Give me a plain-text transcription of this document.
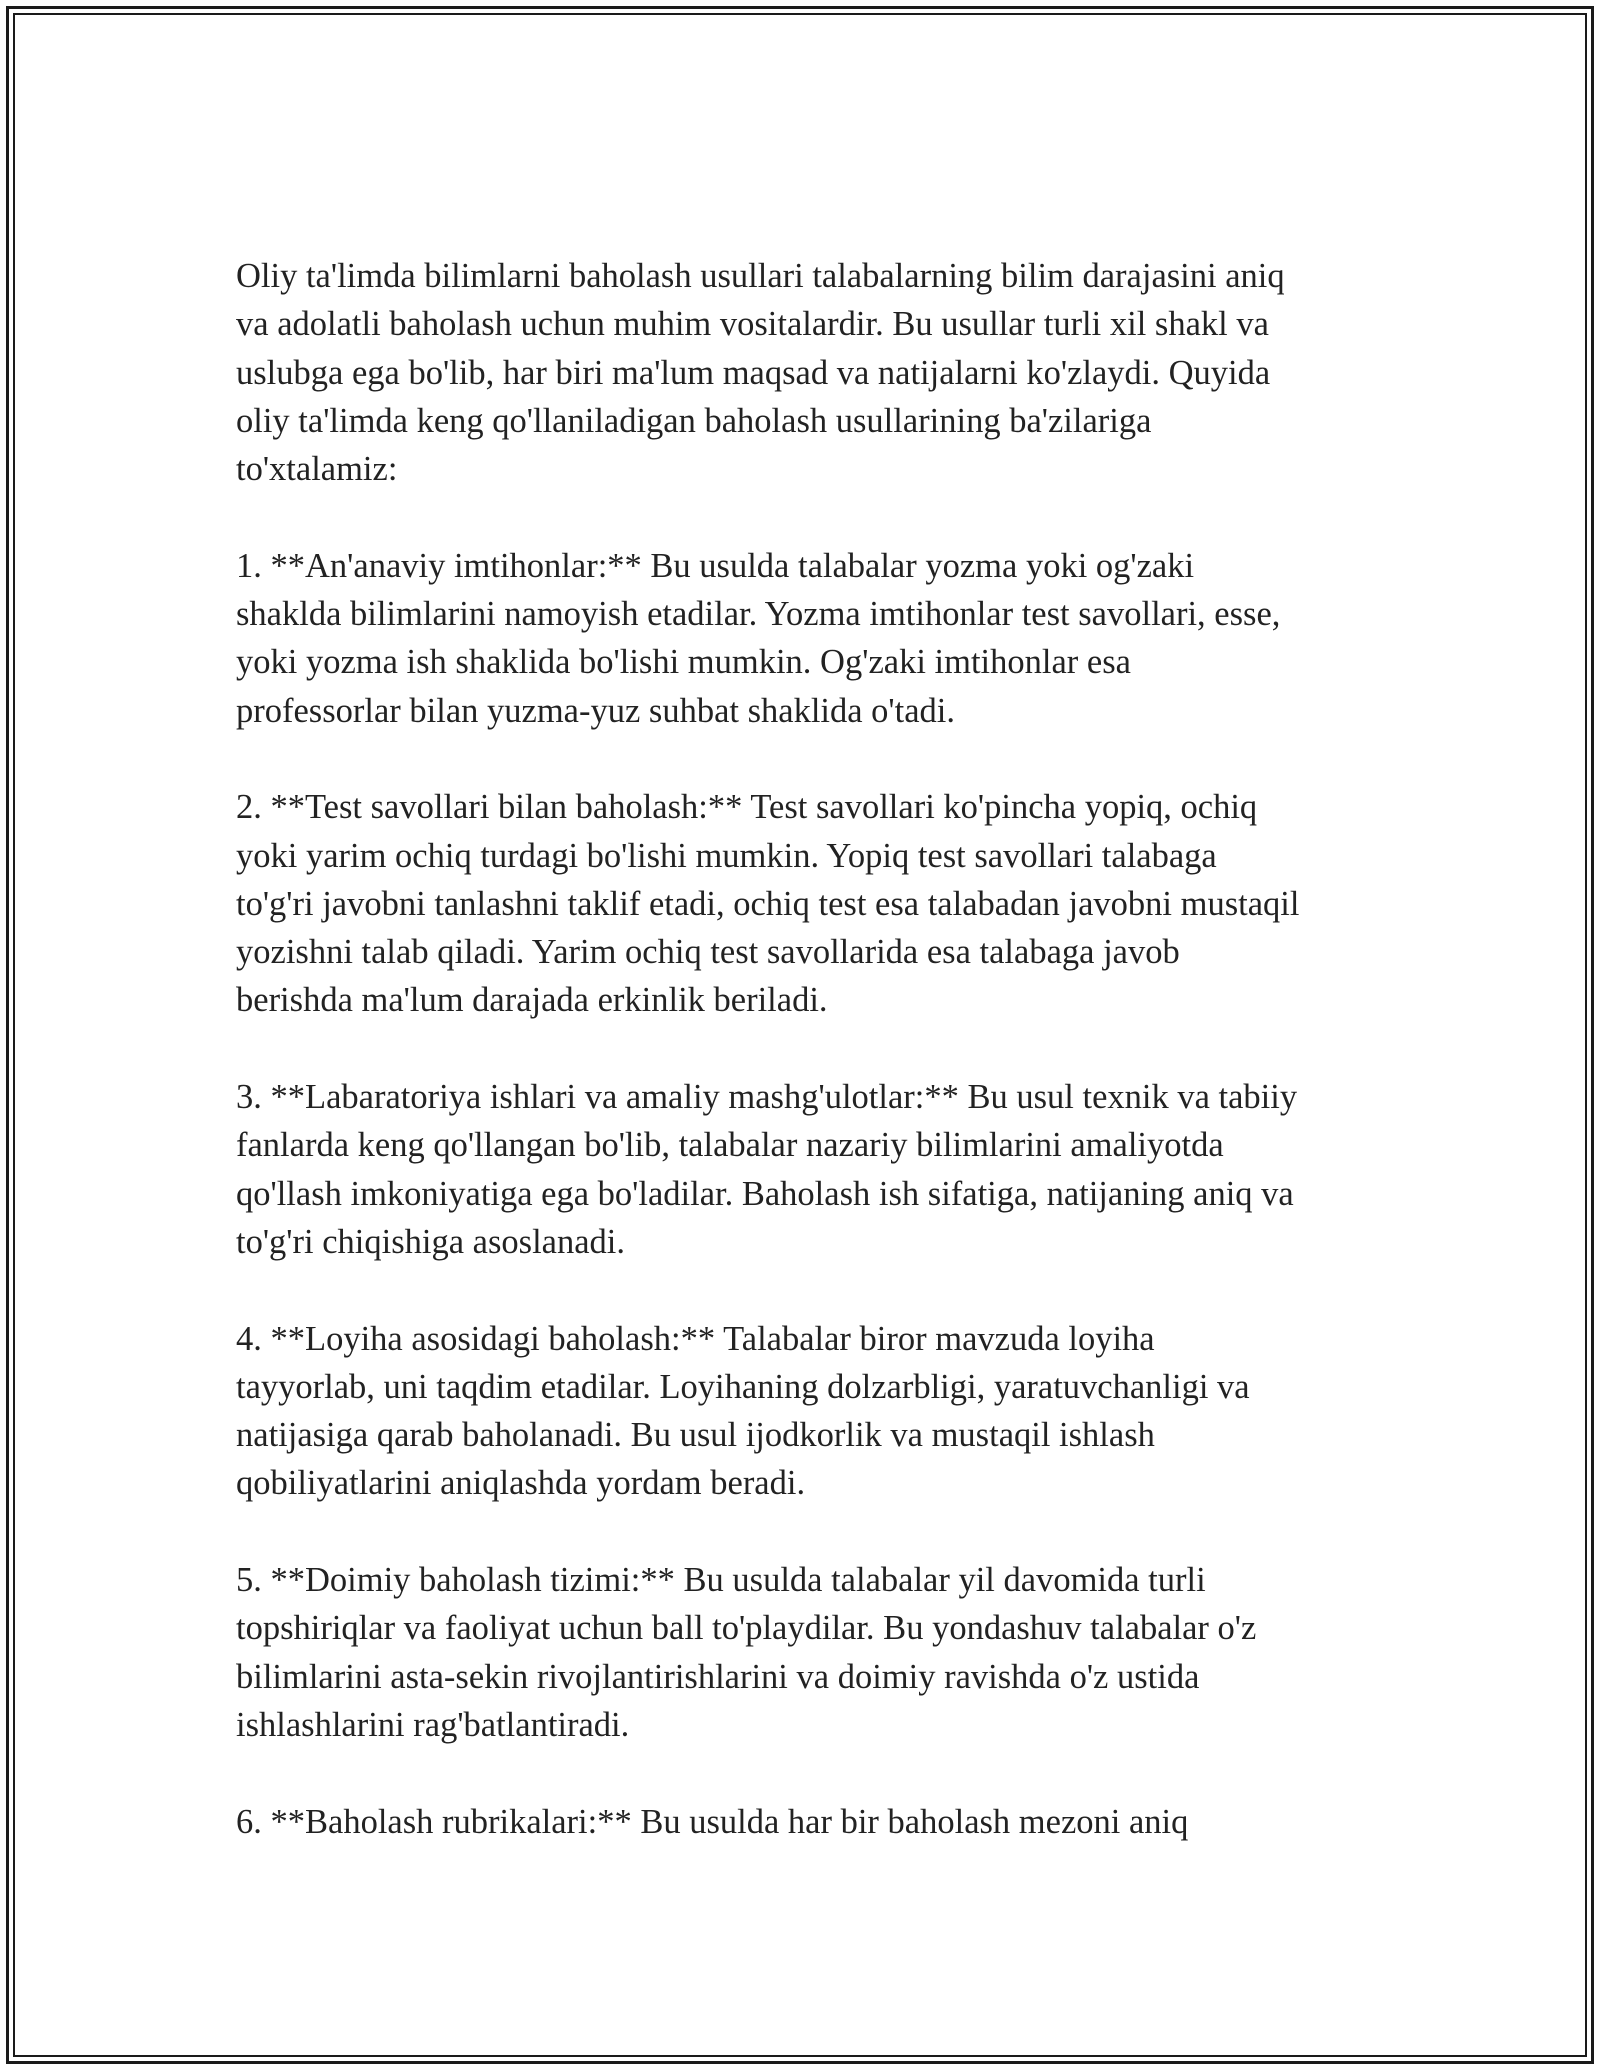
Oliy ta'limda bilimlarni baholash usullari talabalarning bilim darajasini aniq
va adolatli baholash uchun muhim vositalardir. Bu usullar turli xil shakl va
uslubga ega bo'lib, har biri ma'lum maqsad va natijalarni ko'zlaydi. Quyida
oliy ta'limda keng qo'llaniladigan baholash usullarining ba'zilariga
to'xtalamiz:

1. **An'anaviy imtihonlar:** Bu usulda talabalar yozma yoki og'zaki
shaklda bilimlarini namoyish etadilar. Yozma imtihonlar test savollari, esse,
yoki yozma ish shaklida bo'lishi mumkin. Og'zaki imtihonlar esa
professorlar bilan yuzma-yuz suhbat shaklida o'tadi.

2. **Test savollari bilan baholash:** Test savollari ko'pincha yopiq, ochiq
yoki yarim ochiq turdagi bo'lishi mumkin. Yopiq test savollari talabaga
to'g'ri javobni tanlashni taklif etadi, ochiq test esa talabadan javobni mustaqil
yozishni talab qiladi. Yarim ochiq test savollarida esa talabaga javob
berishda ma'lum darajada erkinlik beriladi.

3. **Labaratoriya ishlari va amaliy mashg'ulotlar:** Bu usul texnik va tabiiy
fanlarda keng qo'llangan bo'lib, talabalar nazariy bilimlarini amaliyotda
qo'llash imkoniyatiga ega bo'ladilar. Baholash ish sifatiga, natijaning aniq va
to'g'ri chiqishiga asoslanadi.

4. **Loyiha asosidagi baholash:** Talabalar biror mavzuda loyiha
tayyorlab, uni taqdim etadilar. Loyihaning dolzarbligi, yaratuvchanligi va
natijasiga qarab baholanadi. Bu usul ijodkorlik va mustaqil ishlash
qobiliyatlarini aniqlashda yordam beradi.

5. **Doimiy baholash tizimi:** Bu usulda talabalar yil davomida turli
topshiriqlar va faoliyat uchun ball to'playdilar. Bu yondashuv talabalar o'z
bilimlarini asta-sekin rivojlantirishlarini va doimiy ravishda o'z ustida
ishlashlarini rag'batlantiradi.

6. **Baholash rubrikalari:** Bu usulda har bir baholash mezoni aniq
